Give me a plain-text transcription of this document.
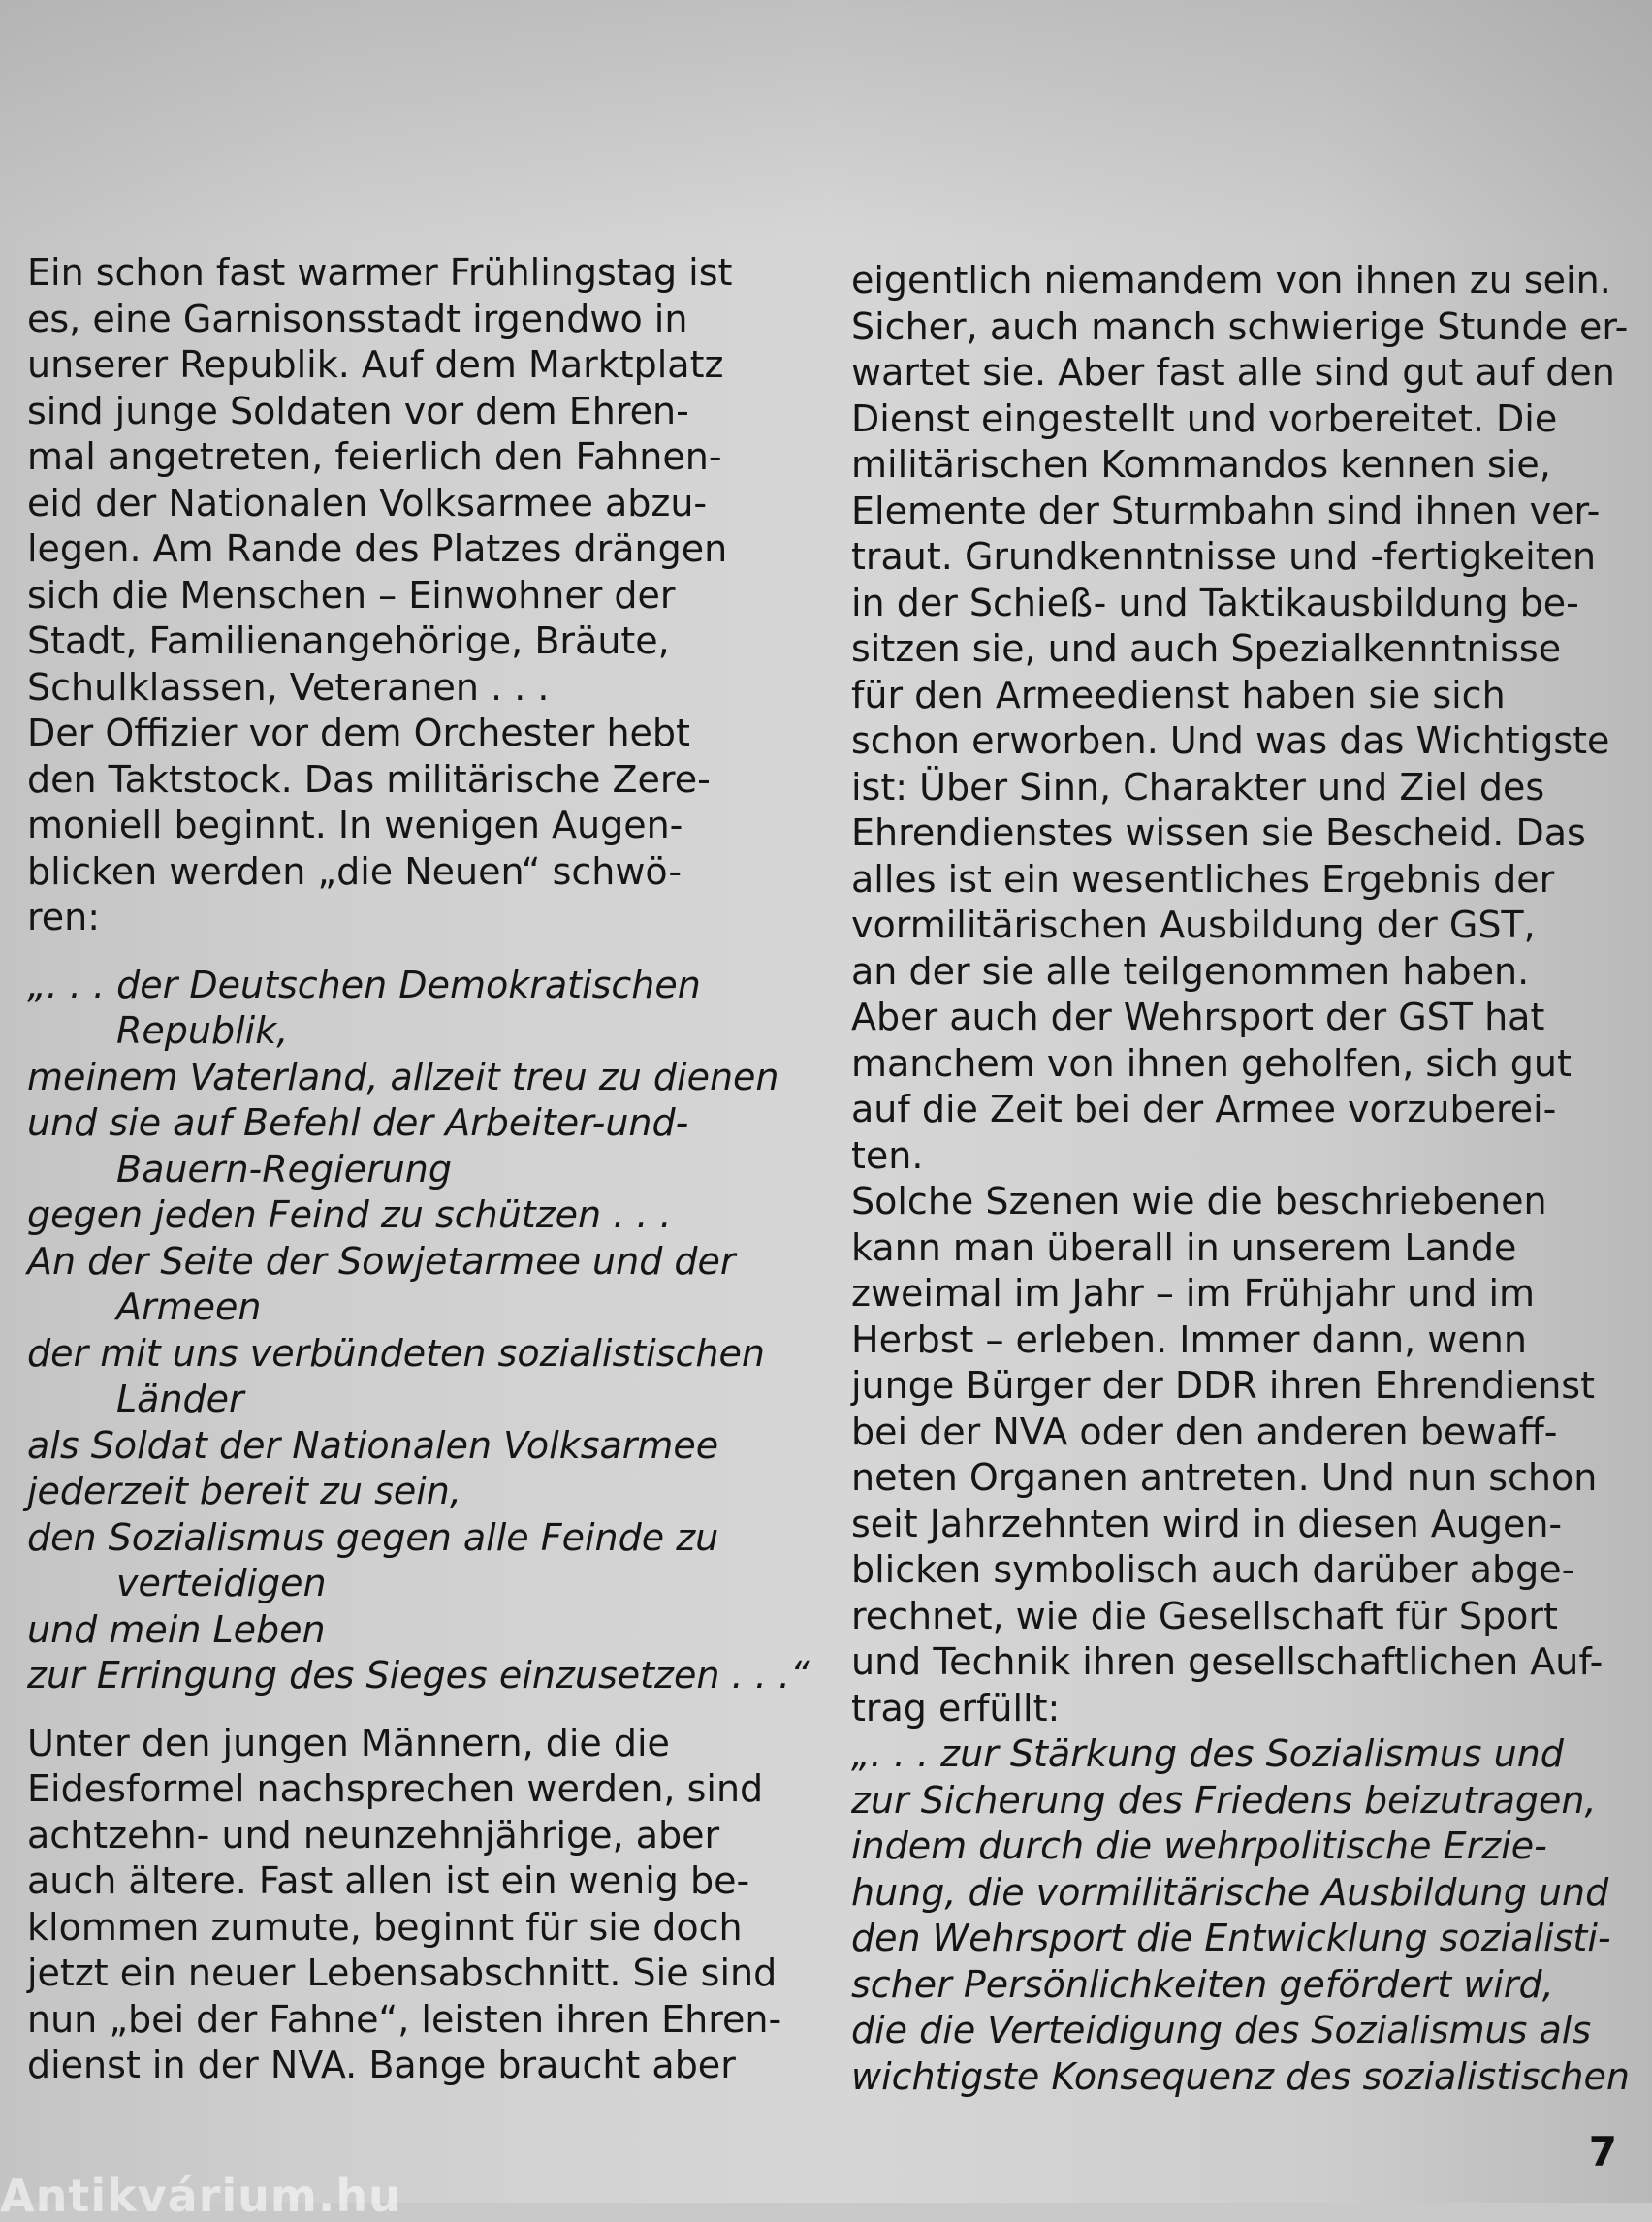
Ein schon fast warmer Frühlingstag ist
es, eine Garnisonsstadt irgendwo in
unserer Republik. Auf dem Marktplatz
sind junge Soldaten vor dem Ehren-
mal angetreten, feierlich den Fahnen-
eid der Nationalen Volksarmee abzu-
legen. Am Rande des Platzes drängen
sich die Menschen – Einwohner der
Stadt, Familienangehörige, Bräute,
Schulklassen, Veteranen . . .
Der Offizier vor dem Orchester hebt
den Taktstock. Das militärische Zere-
moniell beginnt. In wenigen Augen-
blicken werden „die Neuen“ schwö-
ren:
„. . . der Deutschen Demokratischen
Republik,
meinem Vaterland, allzeit treu zu dienen
und sie auf Befehl der Arbeiter-und-
Bauern-Regierung
gegen jeden Feind zu schützen . . .
An der Seite der Sowjetarmee und der
Armeen
der mit uns verbündeten sozialistischen
Länder
als Soldat der Nationalen Volksarmee
jederzeit bereit zu sein,
den Sozialismus gegen alle Feinde zu
verteidigen
und mein Leben
zur Erringung des Sieges einzusetzen . . .“
Unter den jungen Männern, die die
Eidesformel nachsprechen werden, sind
achtzehn- und neunzehnjährige, aber
auch ältere. Fast allen ist ein wenig be-
klommen zumute, beginnt für sie doch
jetzt ein neuer Lebensabschnitt. Sie sind
nun „bei der Fahne“, leisten ihren Ehren-
dienst in der NVA. Bange braucht aber
eigentlich niemandem von ihnen zu sein.
Sicher, auch manch schwierige Stunde er-
wartet sie. Aber fast alle sind gut auf den
Dienst eingestellt und vorbereitet. Die
militärischen Kommandos kennen sie,
Elemente der Sturmbahn sind ihnen ver-
traut. Grundkenntnisse und -fertigkeiten
in der Schieß- und Taktikausbildung be-
sitzen sie, und auch Spezialkenntnisse
für den Armeedienst haben sie sich
schon erworben. Und was das Wichtigste
ist: Über Sinn, Charakter und Ziel des
Ehrendienstes wissen sie Bescheid. Das
alles ist ein wesentliches Ergebnis der
vormilitärischen Ausbildung der GST,
an der sie alle teilgenommen haben.
Aber auch der Wehrsport der GST hat
manchem von ihnen geholfen, sich gut
auf die Zeit bei der Armee vorzuberei-
ten.
Solche Szenen wie die beschriebenen
kann man überall in unserem Lande
zweimal im Jahr – im Frühjahr und im
Herbst – erleben. Immer dann, wenn
junge Bürger der DDR ihren Ehrendienst
bei der NVA oder den anderen bewaff-
neten Organen antreten. Und nun schon
seit Jahrzehnten wird in diesen Augen-
blicken symbolisch auch darüber abge-
rechnet, wie die Gesellschaft für Sport
und Technik ihren gesellschaftlichen Auf-
trag erfüllt:
„. . . zur Stärkung des Sozialismus und
zur Sicherung des Friedens beizutragen,
indem durch die wehrpolitische Erzie-
hung, die vormilitärische Ausbildung und
den Wehrsport die Entwicklung sozialisti-
scher Persönlichkeiten gefördert wird,
die die Verteidigung des Sozialismus als
wichtigste Konsequenz des sozialistischen
7
Antikvárium.hu
